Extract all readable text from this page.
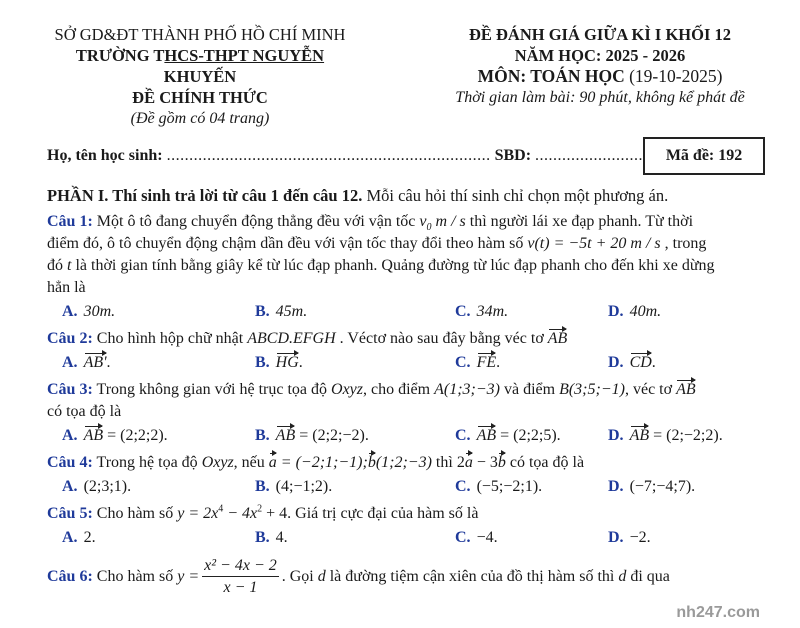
SỞ GD&ĐT THÀNH PHỐ HỒ CHÍ MINH
TRƯỜNG THCS-THPT NGUYỄN KHUYẾN
ĐỀ CHÍNH THỨC
(Đề gồm có 04 trang)
ĐỀ ĐÁNH GIÁ GIỮA KÌ I KHỐI 12
NĂM HỌC: 2025 - 2026
MÔN: TOÁN HỌC (19-10-2025)
Thời gian làm bài: 90 phút, không kể phát đề
Họ, tên học sinh: ........................................................................ SBD: ........................	Mã đề: 192
PHẦN I. Thí sinh trả lời từ câu 1 đến câu 12. Mỗi câu hỏi thí sinh chỉ chọn một phương án.
Câu 1: Một ô tô đang chuyển động thẳng đều với vận tốc $v_0$ m / s thì người lái xe đạp phanh. Từ thời
điểm đó, ô tô chuyển động chậm dần đều với vận tốc thay đổi theo hàm số v(t) = −5t + 20 m / s , trong
đó t là thời gian tính bằng giây kể từ lúc đạp phanh. Quảng đường từ lúc đạp phanh cho đến khi xe dừng
hẳn là
A. 30m.	B. 45m.	C. 34m.	D. 40m.
Câu 2: Cho hình hộp chữ nhật ABCD.EFGH . Véctơ nào sau đây bằng véc tơ AB
A. AB'.	B. HG.	C. FE.	D. CD.
Câu 3: Trong không gian với hệ trục tọa độ Oxyz, cho điểm A(1;3;−3) và điểm B(3;5;−1), véc tơ AB
có tọa độ là
A. AB = (2;2;2).	B. AB = (2;2;−2).	C. AB = (2;2;5).	D. AB = (2;−2;2).
Câu 4: Trong hệ tọa độ Oxyz, nếu a = (−2;1;−1);b(1;2;−3) thì 2a − 3b có tọa độ là
A. (2;3;1).	B. (4;−1;2).	C. (−5;−2;1).	D. (−7;−4;7).
Câu 5: Cho hàm số $y = 2x^4 - 4x^2 + 4$. Giá trị cực đại của hàm số là
A. 2.	B. 4.	C. −4.	D. −2.
Câu 6: Cho hàm số $y = \frac{\text{x² − 4x − 2}}{x - 1}$ . Gọi d là đường tiệm cận xiên của đồ thị hàm số thì d đi qua
nh247.com
